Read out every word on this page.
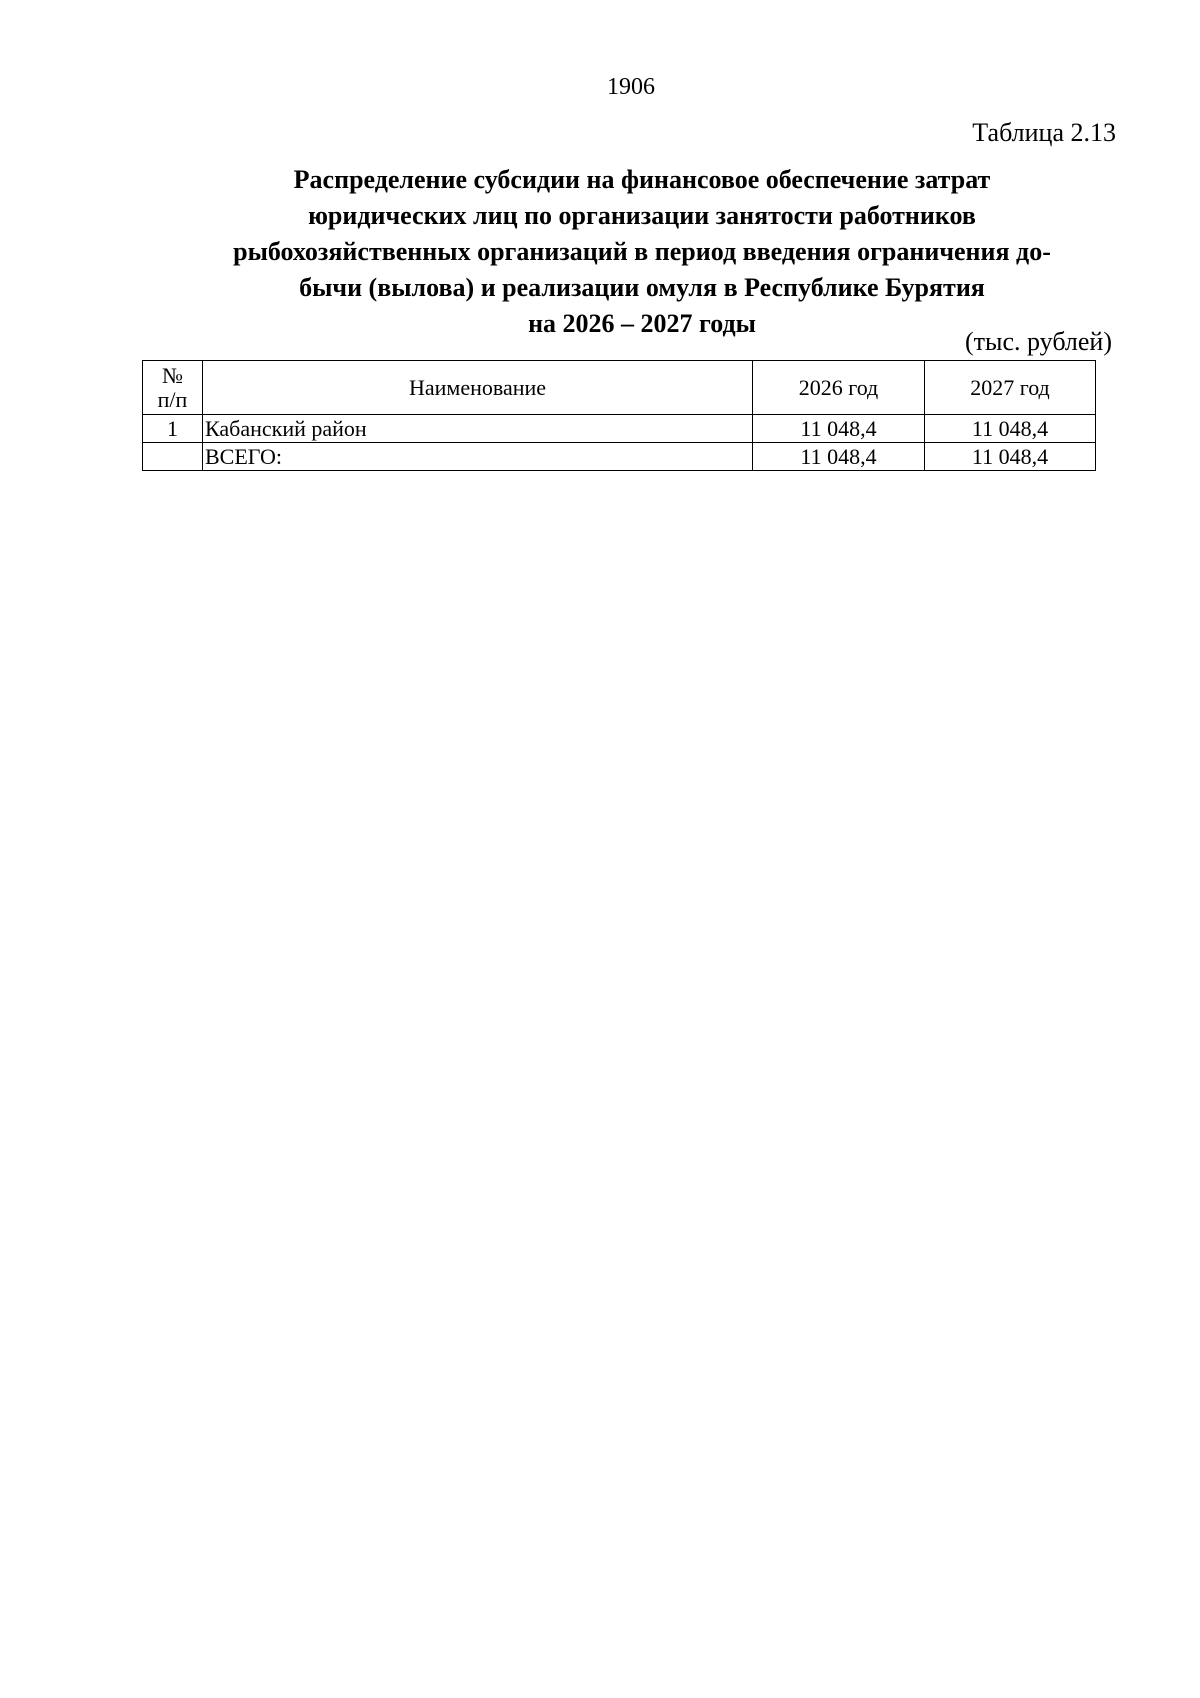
1906
Таблица 2.13
Распределение субсидии на финансовое обеспечение затрат
юридических лиц по организации занятости работников
рыбохозяйственных организаций в период введения ограничения до-
бычи (вылова) и реализации омуля в Республике Бурятия
на 2026 – 2027 годы
(тыс. рублей)
№
п/п	Наименование	2026 год	2027 год
1	Кабанский район	11 048,4	11 048,4
	ВСЕГО:	11 048,4	11 048,4
